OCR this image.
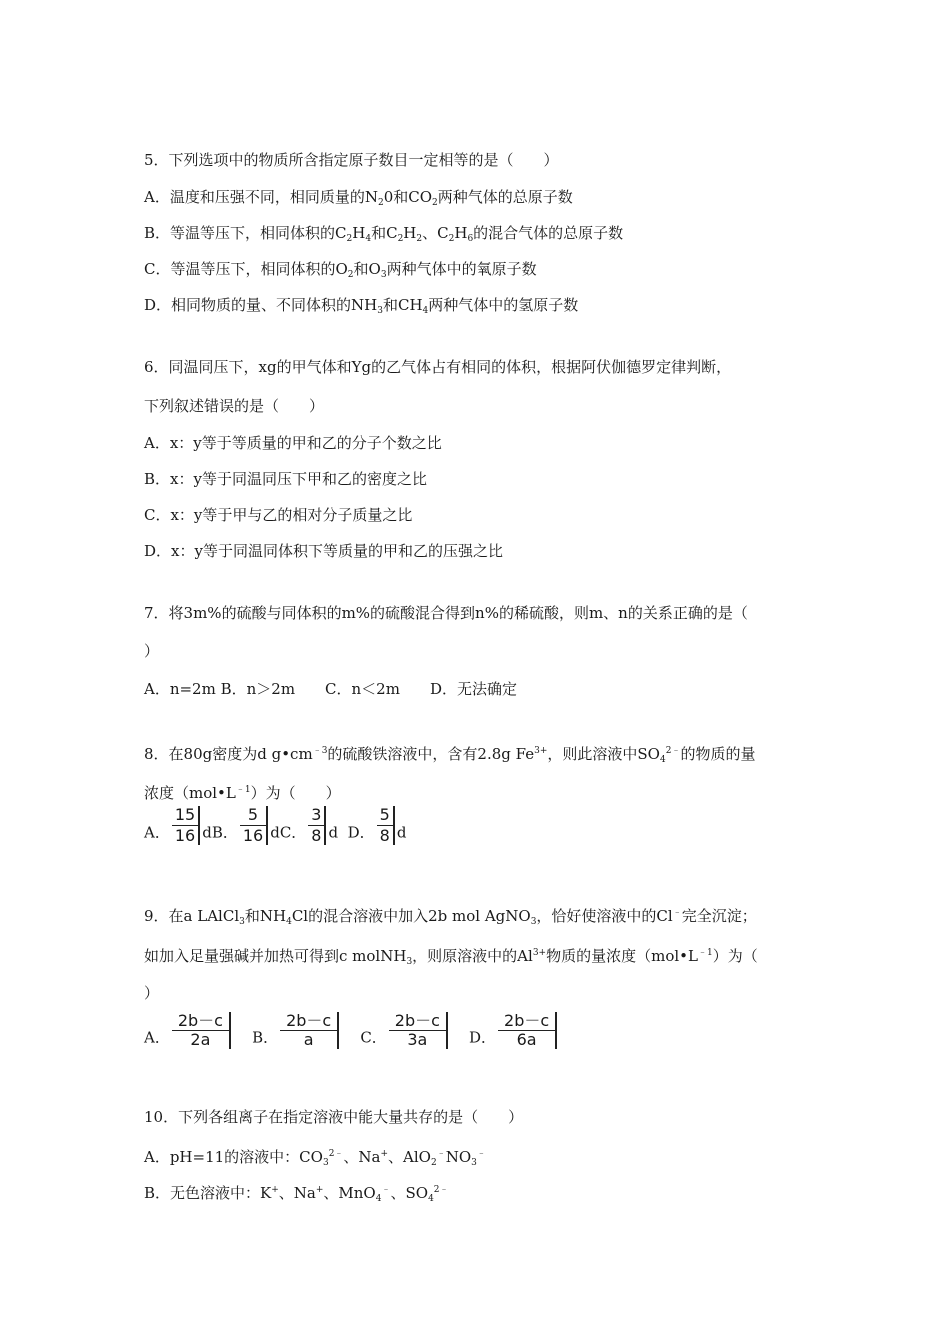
5．下列选项中的物质所含指定原子数目一定相等的是（　　）
A．温度和压强不同，相同质量的$N_20$和$CO_2$两种气体的总原子数
B．等温等压下，相同体积的$C_2H_4$和$C_2H_2$、$C_2H_6$的混合气体的总原子数
C．等温等压下，相同体积的$O_2$和$O_3$两种气体中的氧原子数
D．相同物质的量、不同体积的$NH_3$和$CH_4$两种气体中的氢原子数
6．同温同压下，xg的甲气体和Yg的乙气体占有相同的体积，根据阿伏伽德罗定律判断，
下列叙述错误的是（　　）
A．x：y等于等质量的甲和乙的分子个数之比
B．x：y等于同温同压下甲和乙的密度之比
C．x：y等于甲与乙的相对分子质量之比
D．x：y等于同温同体积下等质量的甲和乙的压强之比
7．将3m%的硫酸与同体积的m%的硫酸混合得到n%的稀硫酸，则m、n的关系正确的是（
）
A．n=2m B．n＞2m　　C．n＜2m　　D．无法确定
8．在80g密度为d $g•cm^{﹣3}$的硫酸铁溶液中，含有2.8g $Fe^{3+}$，则此溶液中$SO_4^{2﹣}$的物质的量
浓度$(mol•L^{﹣1})$为（　　）
A． $\frac{15}{16}$ dB． $\frac{5}{16}$ dC． $\frac{3}{8}$ d D． $\frac{5}{8}$ d
9．在a LAlCl$_3$和$NH_4Cl$的混合溶液中加入2b mol AgNO$_3$，恰好使溶液中的Cl﹣完全沉淀；
如加入足量强碱并加热可得到c molNH$_3$，则原溶液中的$Al^{3+}$物质的量浓度$(mol•L^{﹣1})$为（
）
A． $\frac{2b-c}{2a}$ B． $\frac{2b-c}{a}$ C． $\frac{2b-c}{3a}$ D． $\frac{2b-c}{6a}$
10．下列各组离子在指定溶液中能大量共存的是（　　）
A．pH=11的溶液中：$CO_3^{2﹣}$、Na+、$AlO_2^﹣NO_3^﹣$
B．无色溶液中：K+、Na+、MnO$_4$﹣、$SO_4^{2﹣}$
